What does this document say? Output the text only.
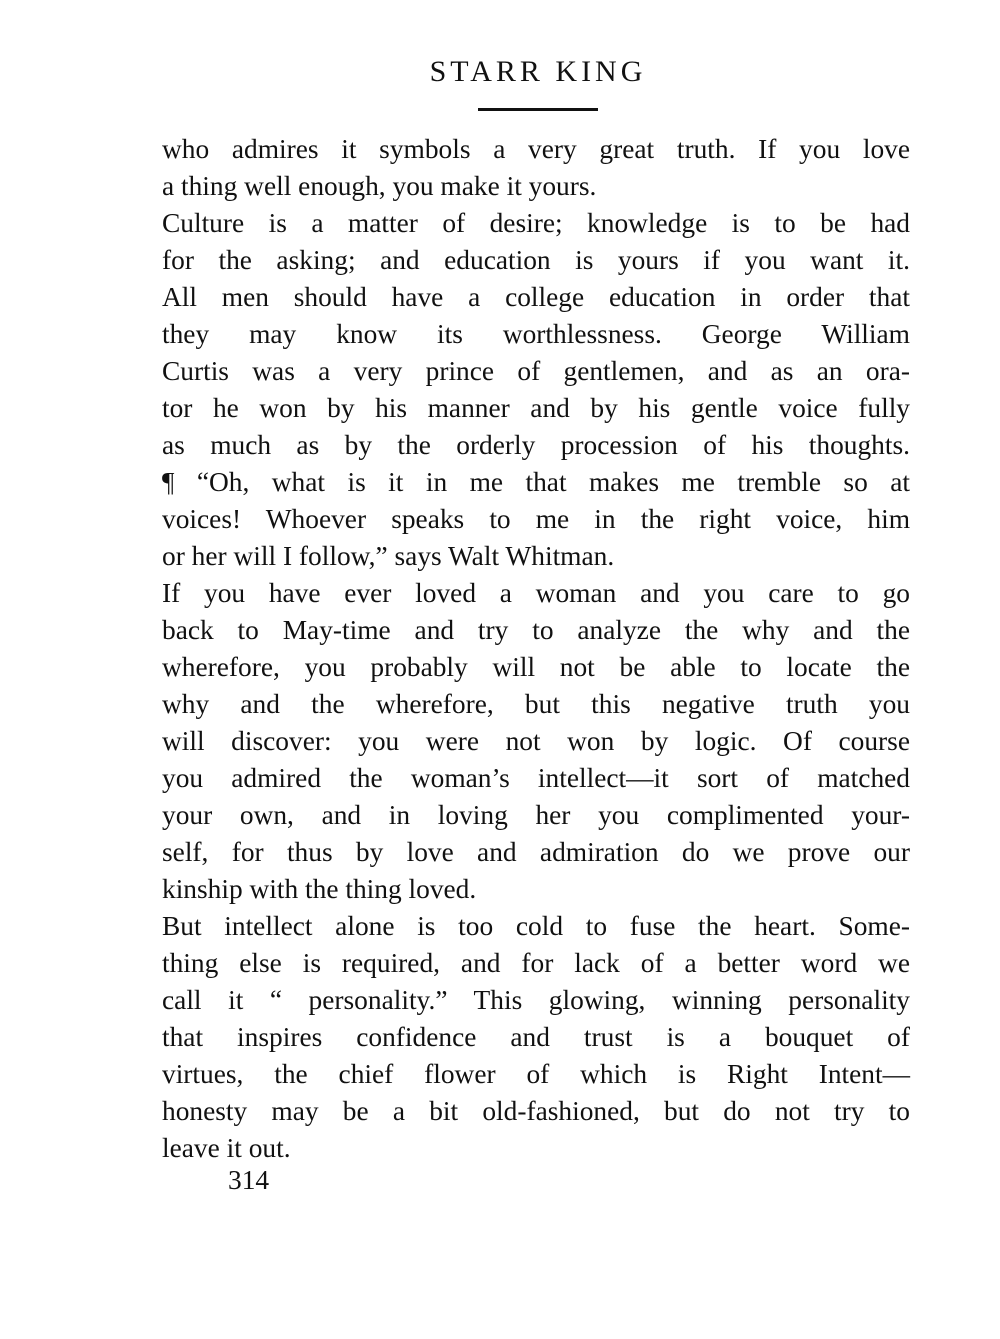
STARR KING
who admires it symbols a very great truth. If you love
a thing well enough, you make it yours.
Culture is a matter of desire; knowledge is to be had
for the asking; and education is yours if you want it.
All men should have a college education in order that
they may know its worthlessness. George William
Curtis was a very prince of gentlemen, and as an ora-
tor he won by his manner and by his gentle voice fully
as much as by the orderly procession of his thoughts.
¶ “Oh, what is it in me that makes me tremble so at
voices! Whoever speaks to me in the right voice, him
or her will I follow,” says Walt Whitman.
If you have ever loved a woman and you care to go
back to May-time and try to analyze the why and the
wherefore, you probably will not be able to locate the
why and the wherefore, but this negative truth you
will discover: you were not won by logic. Of course
you admired the woman’s intellect—it sort of matched
your own, and in loving her you complimented your-
self, for thus by love and admiration do we prove our
kinship with the thing loved.
But intellect alone is too cold to fuse the heart. Some-
thing else is required, and for lack of a better word we
call it “ personality.” This glowing, winning personality
that inspires confidence and trust is a bouquet of
virtues, the chief flower of which is Right Intent—
honesty may be a bit old-fashioned, but do not try to
leave it out.
314
